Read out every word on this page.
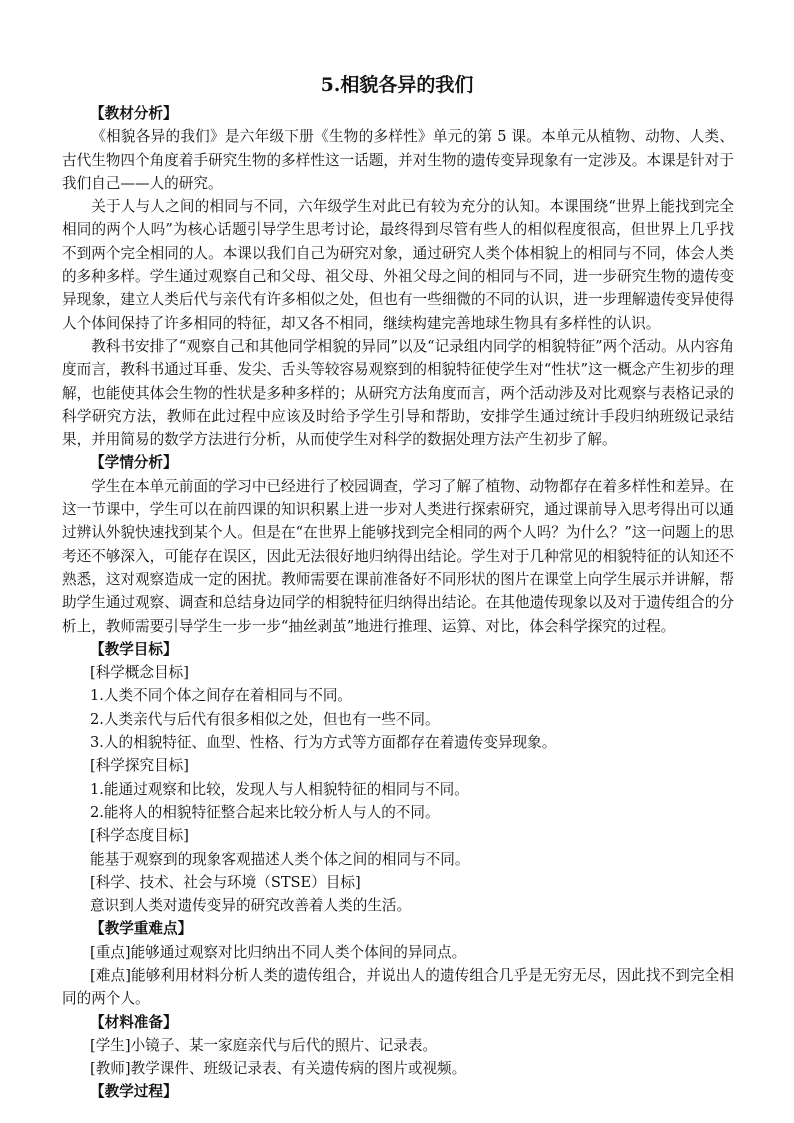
5.相貌各异的我们
【教材分析】

《相貌各异的我们》是六年级下册《生物的多样性》单元的第 5 课。本单元从植物、动物、人类、古代生物四个角度着手研究生物的多样性这一话题，并对生物的遗传变异现象有一定涉及。本课是针对于我们自己——人的研究。

关于人与人之间的相同与不同，六年级学生对此已有较为充分的认知。本课围绕“世界上能找到完全相同的两个人吗”为核心话题引导学生思考讨论，最终得到尽管有些人的相似程度很高，但世界上几乎找不到两个完全相同的人。本课以我们自己为研究对象，通过研究人类个体相貌上的相同与不同，体会人类的多种多样。学生通过观察自己和父母、祖父母、外祖父母之间的相同与不同，进一步研究生物的遗传变异现象，建立人类后代与亲代有许多相似之处，但也有一些细微的不同的认识，进一步理解遗传变异使得人个体间保持了许多相同的特征，却又各不相同，继续构建完善地球生物具有多样性的认识。

教科书安排了“观察自己和其他同学相貌的异同”以及“记录组内同学的相貌特征”两个活动。从内容角度而言，教科书通过耳垂、发尖、舌头等较容易观察到的相貌特征使学生对“性状”这一概念产生初步的理解，也能使其体会生物的性状是多种多样的；从研究方法角度而言，两个活动涉及对比观察与表格记录的科学研究方法，教师在此过程中应该及时给予学生引导和帮助，安排学生通过统计手段归纳班级记录结果，并用简易的数学方法进行分析，从而使学生对科学的数据处理方法产生初步了解。

【学情分析】

学生在本单元前面的学习中已经进行了校园调查，学习了解了植物、动物都存在着多样性和差异。在这一节课中，学生可以在前四课的知识积累上进一步对人类进行探索研究，通过课前导入思考得出可以通过辨认外貌快速找到某个人。但是在“在世界上能够找到完全相同的两个人吗？为什么？”这一问题上的思考还不够深入，可能存在误区，因此无法很好地归纳得出结论。学生对于几种常见的相貌特征的认知还不熟悉，这对观察造成一定的困扰。教师需要在课前准备好不同形状的图片在课堂上向学生展示并讲解，帮助学生通过观察、调查和总结身边同学的相貌特征归纳得出结论。在其他遗传现象以及对于遗传组合的分析上，教师需要引导学生一步一步“抽丝剥茧”地进行推理、运算、对比，体会科学探究的过程。

【教学目标】
[科学概念目标]
1.人类不同个体之间存在着相同与不同。
2.人类亲代与后代有很多相似之处，但也有一些不同。
3.人的相貌特征、血型、性格、行为方式等方面都存在着遗传变异现象。
[科学探究目标]
1.能通过观察和比较，发现人与人相貌特征的相同与不同。
2.能将人的相貌特征整合起来比较分析人与人的不同。
[科学态度目标]
能基于观察到的现象客观描述人类个体之间的相同与不同。
[科学、技术、社会与环境（STSE）目标]
意识到人类对遗传变异的研究改善着人类的生活。
【教学重难点】
[重点]能够通过观察对比归纳出不同人类个体间的异同点。

[难点]能够利用材料分析人类的遗传组合，并说出人的遗传组合几乎是无穷无尽，因此找不到完全相同的两个人。

【材料准备】
[学生]小镜子、某一家庭亲代与后代的照片、记录表。
[教师]教学课件、班级记录表、有关遗传病的图片或视频。
【教学过程】
